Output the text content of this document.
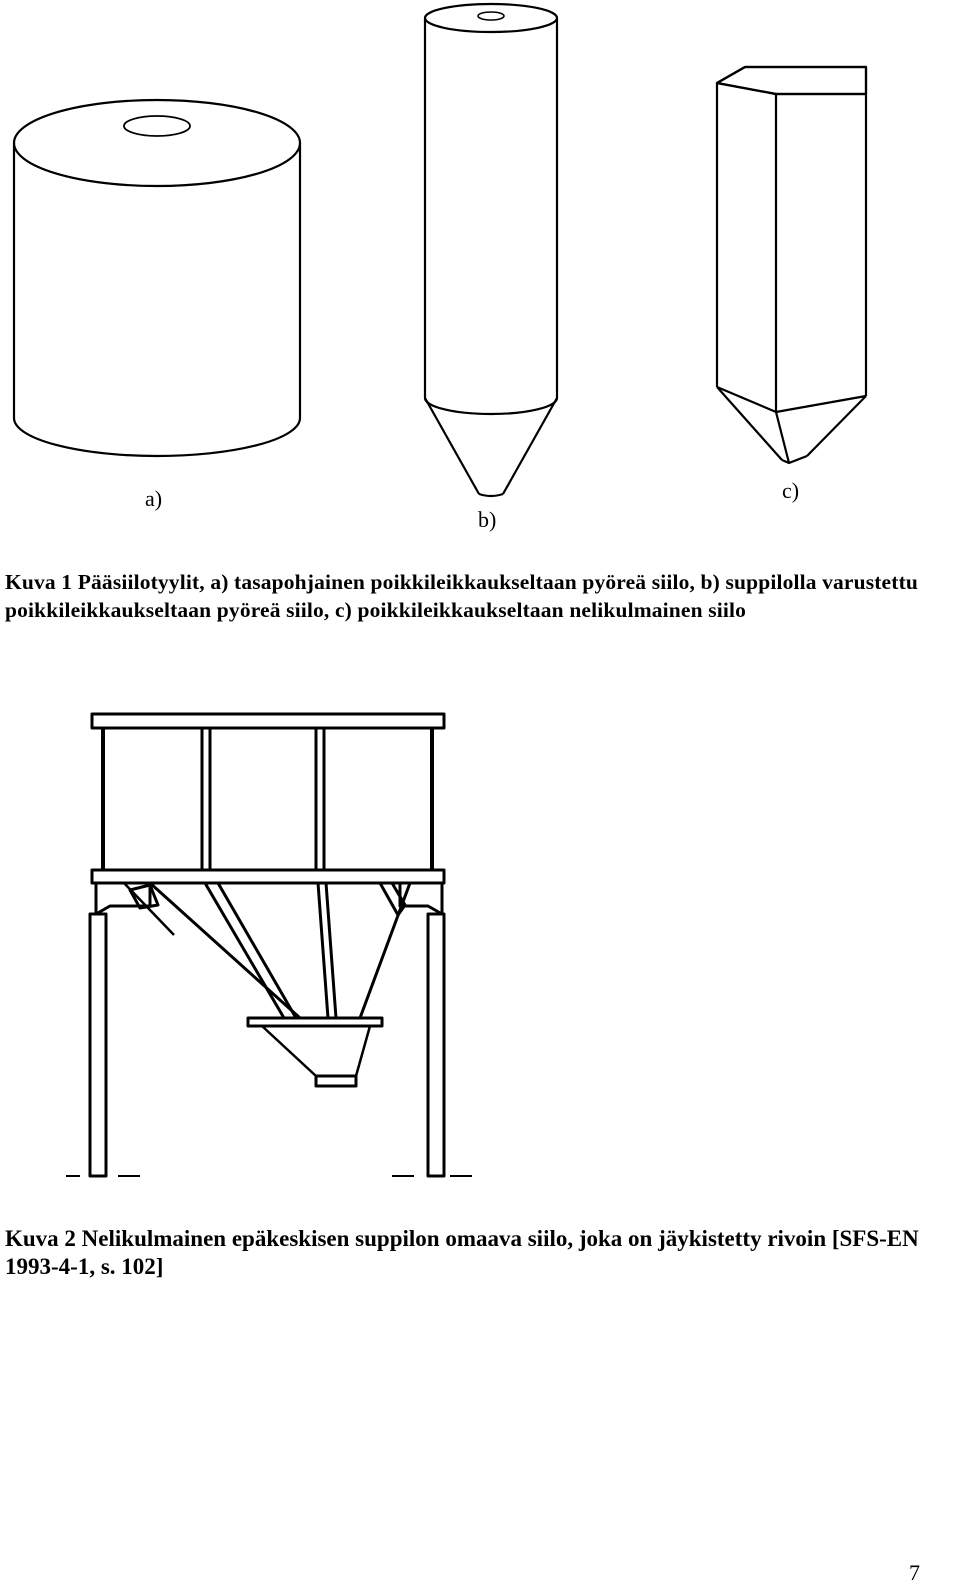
a)
b)
c)

Kuva 1 Pääsiilotyylit, a) tasapohjainen poikkileikkaukseltaan pyöreä siilo, b) suppilolla varustettu poikkileikkaukseltaan pyöreä siilo, c) poikkileikkaukseltaan nelikulmainen siilo

Kuva 2 Nelikulmainen epäkeskisen suppilon omaava siilo, joka on jäykistetty rivoin [SFS-EN 1993-4-1, s. 102]

7
